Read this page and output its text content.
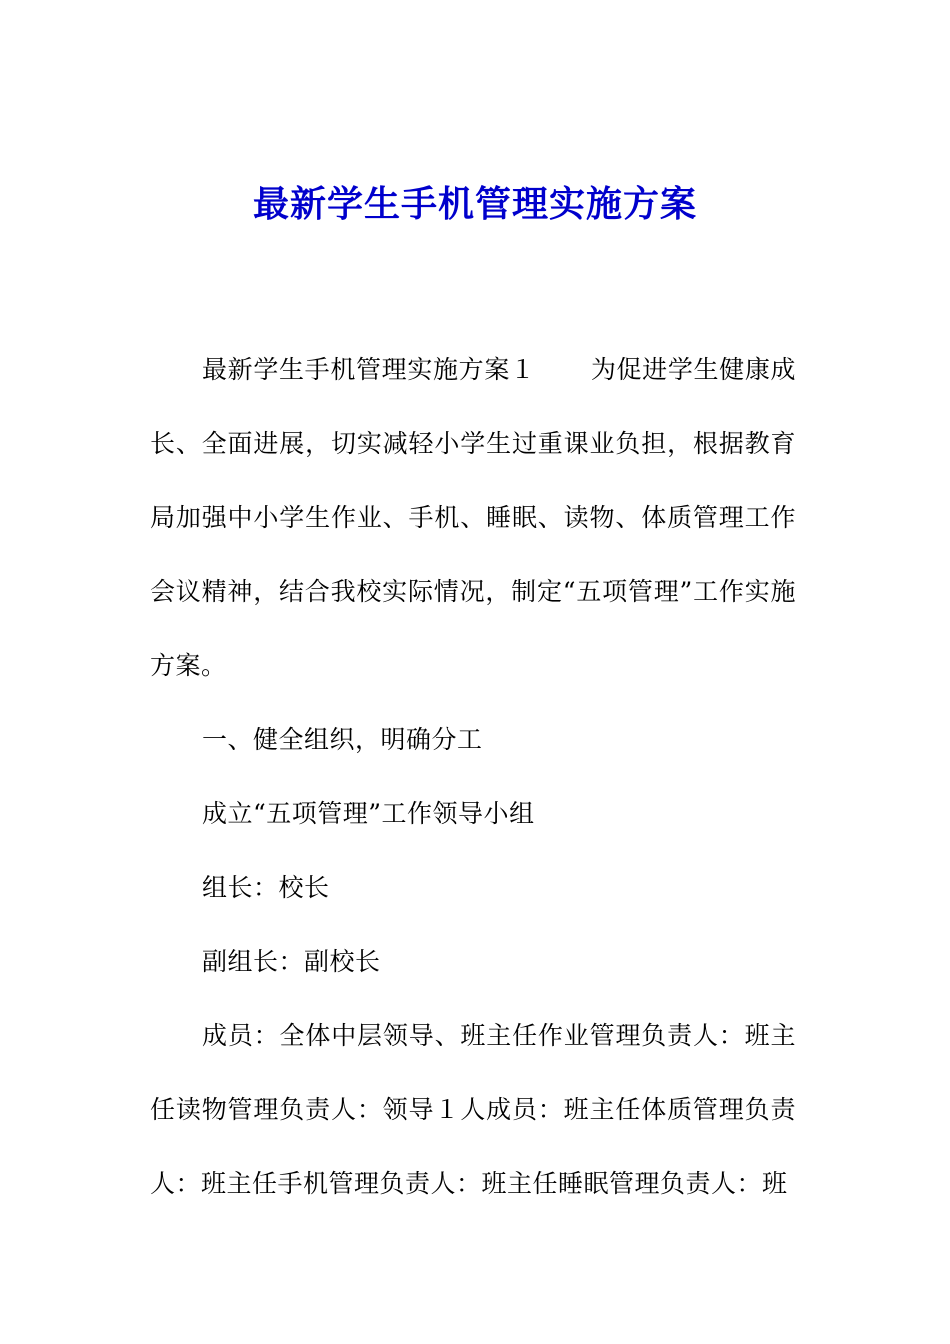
最新学生手机管理实施方案

最新学生手机管理实施方案１ 为促进学生健康成长、全面进展，切实减轻小学生过重课业负担，根据教育局加强中小学生作业、手机、睡眠、读物、体质管理工作会议精神，结合我校实际情况，制定“五项管理”工作实施方案。

一、健全组织，明确分工

成立“五项管理”工作领导小组

组长：校长

副组长：副校长

成员：全体中层领导、班主任作业管理负责人：班主任读物管理负责人：领导１人成员：班主任体质管理负责人：班主任手机管理负责人：班主任睡眠管理负责人：班
